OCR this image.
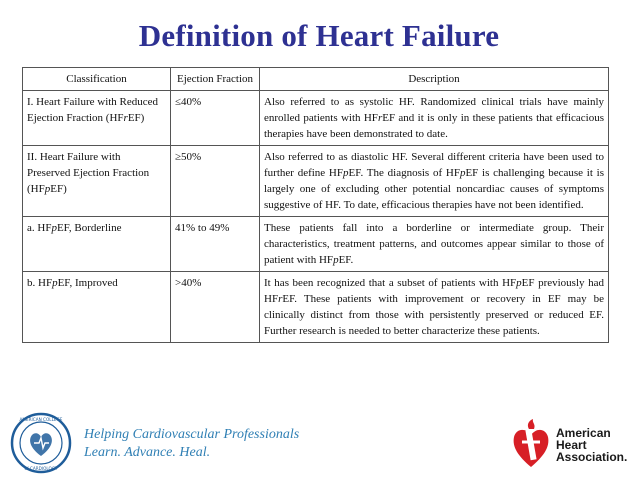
Definition of Heart Failure
Classification	Ejection Fraction	Description
I. Heart Failure with Reduced Ejection Fraction (HFrEF)	≤40%	Also referred to as systolic HF. Randomized clinical trials have mainly enrolled patients with HFrEF and it is only in these patients that efficacious therapies have been demonstrated to date.
II. Heart Failure with Preserved Ejection Fraction (HFpEF)	≥50%	Also referred to as diastolic HF. Several different criteria have been used to further define HFpEF. The diagnosis of HFpEF is challenging because it is largely one of excluding other potential noncardiac causes of symptoms suggestive of HF. To date, efficacious therapies have not been identified.
a. HFpEF, Borderline	41% to 49%	These patients fall into a borderline or intermediate group. Their characteristics, treatment patterns, and outcomes appear similar to those of patient with HFpEF.
b. HFpEF, Improved	>40%	It has been recognized that a subset of patients with HFpEF previously had HFrEF. These patients with improvement or recovery in EF may be clinically distinct from those with persistently preserved or reduced EF. Further research is needed to better characterize these patients.
AMERICAN COLLEGE
of CARDIOLOGY
Helping Cardiovascular Professionals
Learn. Advance. Heal.
American
Heart
Association.
